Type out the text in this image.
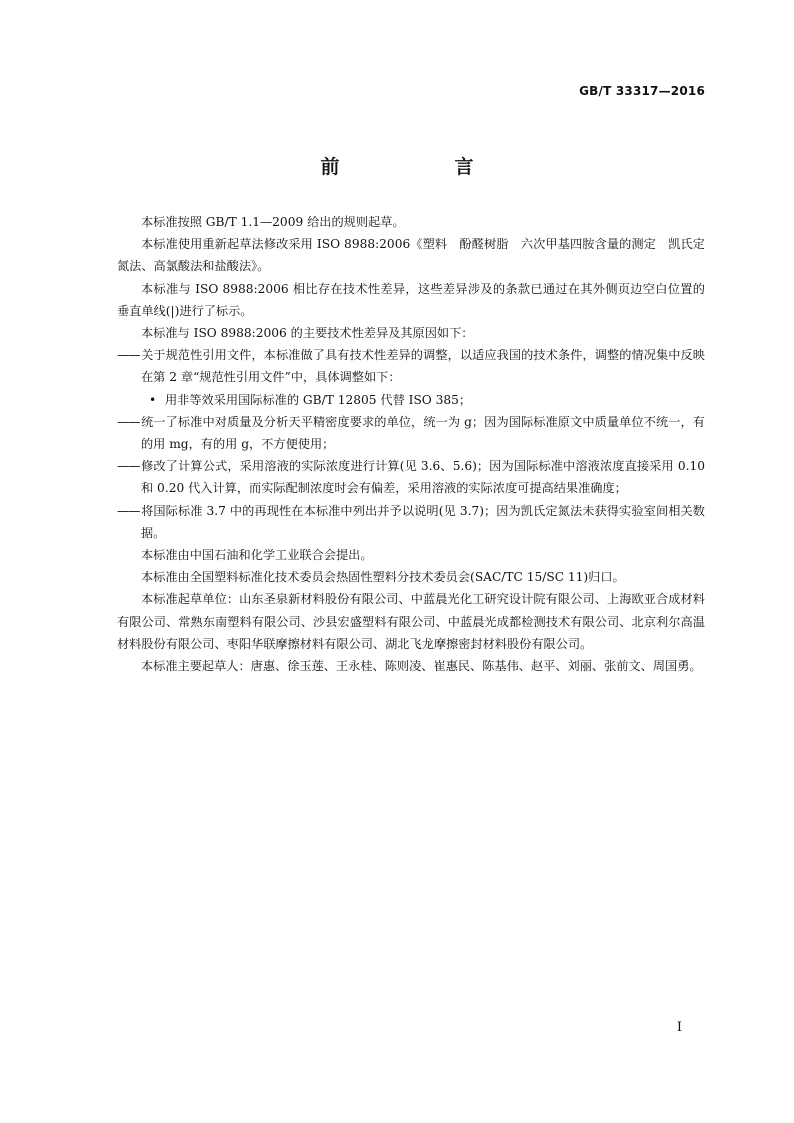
GB/T 33317—2016
前　言

本标准按照 GB/T 1.1—2009 给出的规则起草。

本标准使用重新起草法修改采用 ISO 8988:2006《塑料　酚醛树脂　六次甲基四胺含量的测定　凯氏定氮法、高氯酸法和盐酸法》。

本标准与 ISO 8988:2006 相比存在技术性差异，这些差异涉及的条款已通过在其外侧页边空白位置的垂直单线(|)进行了标示。

本标准与 ISO 8988:2006 的主要技术性差异及其原因如下：

—— 关于规范性引用文件，本标准做了具有技术性差异的调整，以适应我国的技术条件，调整的情况集中反映在第 2 章“规范性引用文件”中，具体调整如下：

• 用非等效采用国际标准的 GB/T 12805 代替 ISO 385；

—— 统一了标准中对质量及分析天平精密度要求的单位，统一为 g；因为国际标准原文中质量单位不统一，有的用 mg，有的用 g，不方便使用；

—— 修改了计算公式，采用溶液的实际浓度进行计算(见 3.6、5.6)；因为国际标准中溶液浓度直接采用 0.10 和 0.20 代入计算，而实际配制浓度时会有偏差，采用溶液的实际浓度可提高结果准确度；

—— 将国际标准 3.7 中的再现性在本标准中列出并予以说明(见 3.7)；因为凯氏定氮法未获得实验室间相关数据。

本标准由中国石油和化学工业联合会提出。

本标准由全国塑料标准化技术委员会热固性塑料分技术委员会(SAC/TC 15/SC 11)归口。

本标准起草单位：山东圣泉新材料股份有限公司、中蓝晨光化工研究设计院有限公司、上海欧亚合成材料有限公司、常熟东南塑料有限公司、沙县宏盛塑料有限公司、中蓝晨光成都检测技术有限公司、北京利尔高温材料股份有限公司、枣阳华联摩擦材料有限公司、湖北飞龙摩擦密封材料股份有限公司。

本标准主要起草人：唐惠、徐玉莲、王永桂、陈则凌、崔惠民、陈基伟、赵平、刘丽、张前文、周国勇。

I
